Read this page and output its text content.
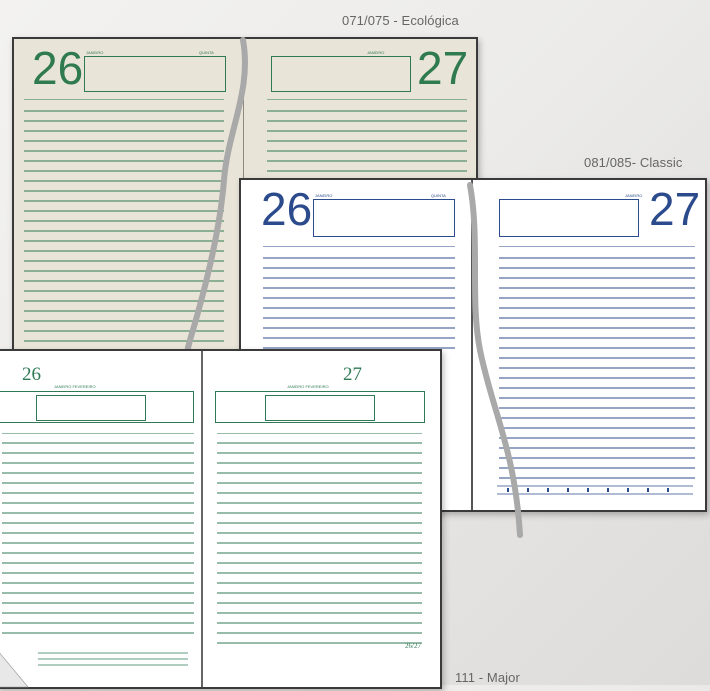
071/075 - Ecológica
081/085- Classic
26 JANEIRO	QUINTA	JANEIRO 27
26 JANEIRO	QUINTA	JANEIRO 27
111 - Major
26
JANEIRO FEVEREIRO
27
JANEIRO FEVEREIRO
26/27
